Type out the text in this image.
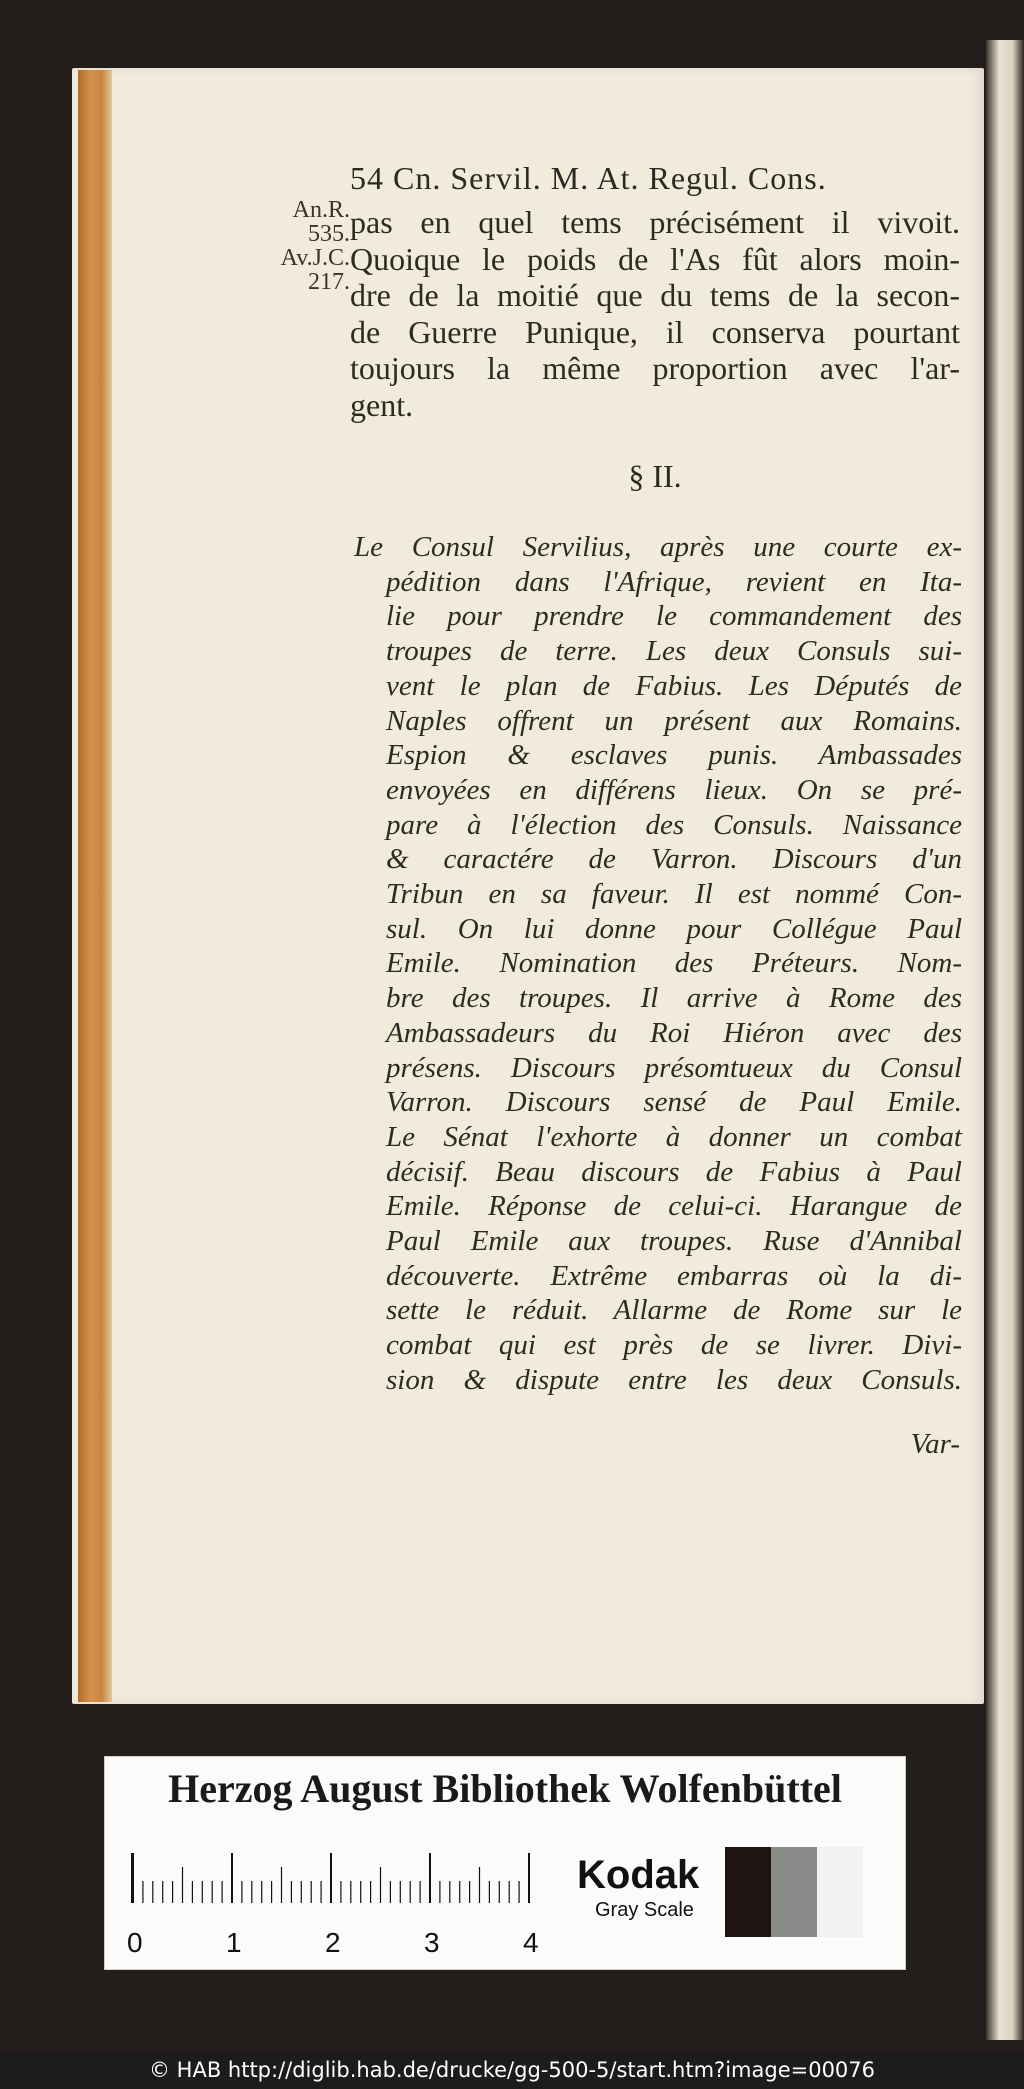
54 Cn. Servil. M. At. Regul. Cons.
An.R.
535.
Av.J.C.
217.
pas en quel tems précisément il vivoit.
Quoique le poids de l'As fût alors moin-
dre de la moitié que du tems de la secon-
de Guerre Punique, il conserva pourtant
toujours la même proportion avec l'ar-
gent.
§ II.
Le Consul Servilius, après une courte ex-
pédition dans l'Afrique, revient en Ita-
lie pour prendre le commandement des
troupes de terre. Les deux Consuls sui-
vent le plan de Fabius. Les Députés de
Naples offrent un présent aux Romains.
Espion & esclaves punis. Ambassades
envoyées en différens lieux. On se pré-
pare à l'élection des Consuls. Naissance
& caractére de Varron. Discours d'un
Tribun en sa faveur. Il est nommé Con-
sul. On lui donne pour Collégue Paul
Emile. Nomination des Préteurs. Nom-
bre des troupes. Il arrive à Rome des
Ambassadeurs du Roi Hiéron avec des
présens. Discours présomtueux du Consul
Varron. Discours sensé de Paul Emile.
Le Sénat l'exhorte à donner un combat
décisif. Beau discours de Fabius à Paul
Emile. Réponse de celui-ci. Harangue de
Paul Emile aux troupes. Ruse d'Annibal
découverte. Extrême embarras où la di-
sette le réduit. Allarme de Rome sur le
combat qui est près de se livrer. Divi-
sion & dispute entre les deux Consuls.
Var-
Herzog August Bibliothek Wolfenbüttel
0	1	2	3	4
Kodak
Gray Scale
© HAB http://diglib.hab.de/drucke/gg-500-5/start.htm?image=00076
